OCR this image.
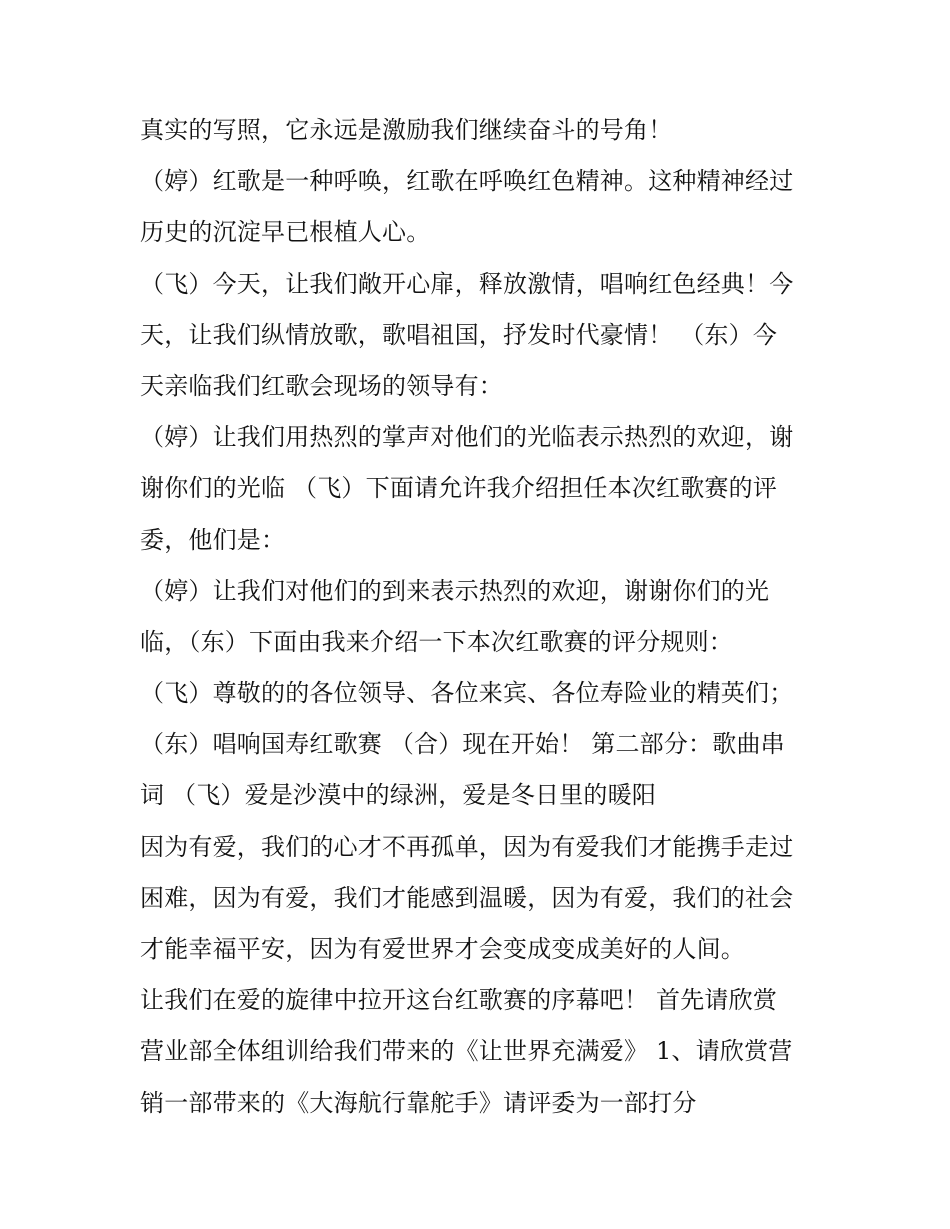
真实的写照，它永远是激励我们继续奋斗的号角！
（婷）红歌是一种呼唤，红歌在呼唤红色精神。这种精神经过
历史的沉淀早已根植人心。
（飞）今天，让我们敞开心扉，释放激情，唱响红色经典！今
天，让我们纵情放歌，歌唱祖国，抒发时代豪情！ （东）今
天亲临我们红歌会现场的领导有：
（婷）让我们用热烈的掌声对他们的光临表示热烈的欢迎，谢
谢你们的光临 （飞）下面请允许我介绍担任本次红歌赛的评
委，他们是：
（婷）让我们对他们的到来表示热烈的欢迎，谢谢你们的光
临，（东）下面由我来介绍一下本次红歌赛的评分规则：
（飞）尊敬的的各位领导、各位来宾、各位寿险业的精英们；
（东）唱响国寿红歌赛 （合）现在开始！ 第二部分：歌曲串
词 （飞）爱是沙漠中的绿洲，爱是冬日里的暖阳
因为有爱，我们的心才不再孤单，因为有爱我们才能携手走过
困难，因为有爱，我们才能感到温暖，因为有爱，我们的社会
才能幸福平安，因为有爱世界才会变成变成美好的人间。
让我们在爱的旋律中拉开这台红歌赛的序幕吧！ 首先请欣赏
营业部全体组训给我们带来的《让世界充满爱》 1、请欣赏营
销一部带来的《大海航行靠舵手》请评委为一部打分
